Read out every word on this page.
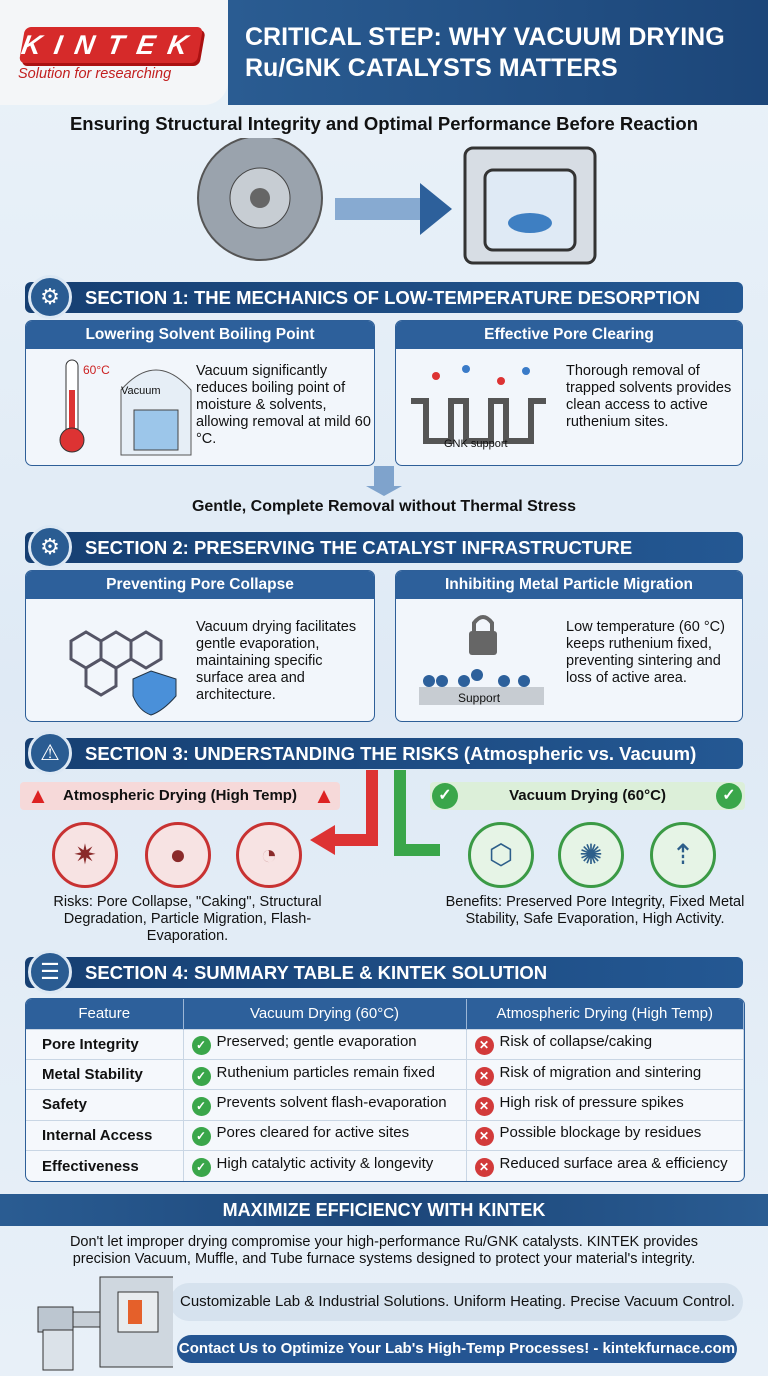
KINTEK
Solution for researching
CRITICAL STEP: WHY VACUUM DRYING
Ru/GNK CATALYSTS MATTERS
Ensuring Structural Integrity and Optimal Performance Before Reaction
SECTION 1: THE MECHANICS OF LOW-TEMPERATURE DESORPTION
⚙
Lowering Solvent Boiling Point
60°C
Vacuum
Vacuum significantly reduces boiling point of moisture & solvents, allowing removal at mild 60 °C.
Effective Pore Clearing
GNK support
Thorough removal of trapped solvents provides clean access to active ruthenium sites.
Gentle, Complete Removal without Thermal Stress
SECTION 2: PRESERVING THE CATALYST INFRASTRUCTURE
⚙
Preventing Pore Collapse
Vacuum drying facilitates gentle evaporation, maintaining specific surface area and architecture.
Inhibiting Metal Particle Migration
Support
Low temperature (60 °C) keeps ruthenium fixed, preventing sintering and loss of active area.
SECTION 3: UNDERSTANDING THE RISKS (Atmospheric vs. Vacuum)
⚠
Atmospheric Drying (High Temp)
▲	▲	Vacuum Drying (60°C)
✓	✓
✷	●	◔	⬡	✺	⇡
Risks: Pore Collapse, "Caking", Structural Degradation, Particle Migration, Flash-Evaporation.
Benefits: Preserved Pore Integrity, Fixed Metal Stability, Safe Evaporation, High Activity.
SECTION 4: SUMMARY TABLE & KINTEK SOLUTION
☰
Feature	Vacuum Drying (60°C)	Atmospheric Drying (High Temp)
Pore Integrity	✓ Preserved; gentle evaporation	✕ Risk of collapse/caking
Metal Stability	✓ Ruthenium particles remain fixed	✕ Risk of migration and sintering
Safety	✓ Prevents solvent flash-evaporation	✕ High risk of pressure spikes
Internal Access	✓ Pores cleared for active sites	✕ Possible blockage by residues
Effectiveness	✓ High catalytic activity & longevity	✕ Reduced surface area & efficiency
MAXIMIZE EFFICIENCY WITH KINTEK
Don't let improper drying compromise your high-performance Ru/GNK catalysts. KINTEK provides
precision Vacuum, Muffle, and Tube furnace systems designed to protect your material's integrity.
Customizable Lab & Industrial Solutions. Uniform Heating. Precise Vacuum Control.
Contact Us to Optimize Your Lab's High-Temp Processes! - kintekfurnace.com
